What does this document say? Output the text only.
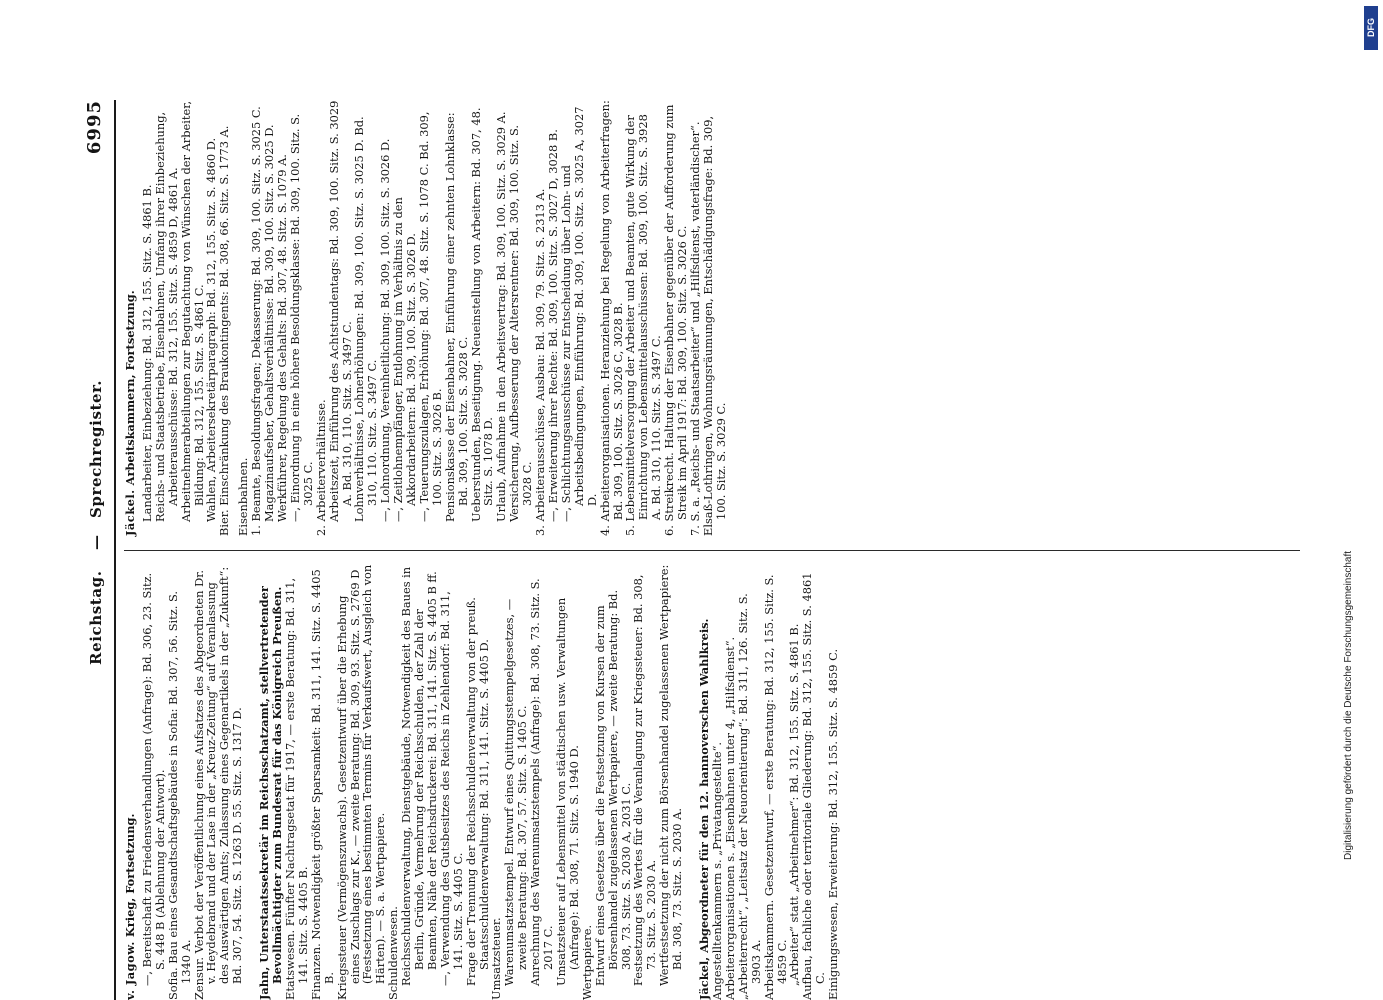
Reichstag.
—
Sprechregister.
6995

v. Jagow. Krieg, Fortsetzung. —, Bereitschaft zu Friedensverhandlungen (Anfrage): Bd. 306, 23. Sitz. S. 448 B (Ablehnung der Antwort).

Sofia. Bau eines Gesandtschaftsgebäudes in Sofia: Bd. 307, 56. Sitz. S. 1340 A.

Zensur. Verbot der Veröffentlichung eines Aufsatzes des Abgeordneten Dr. v. Heydebrand und der Lase in der „Kreuz-Zeitung“ auf Veranlassung des Auswärtigen Amts; Zulassung eines Gegenartikels in der „Zukunft“: Bd. 307, 54. Sitz. S. 1263 D. 55. Sitz. S. 1317 D. Jahn, Unterstaatssekretär im Reichsschatzamt, stellvertretender Bevollmächtigter zum Bundesrat für das Königreich Preußen.

Etatswesen. Fünfter Nachtragsetat für 1917, — erste Beratung: Bd. 311, 141. Sitz. S. 4405 B.

Finanzen. Notwendigkeit größter Sparsamkeit: Bd. 311, 141. Sitz. S. 4405 B.

Kriegssteuer (Vermögenszuwachs). Gesetzentwurf über die Erhebung eines Zuschlags zur K., — zweite Beratung: Bd. 309, 93. Sitz. S. 2769 D (Festsetzung eines bestimmten Termins für Verkaufswert, Ausgleich von Härten). — S. a. Wertpapiere.

Schuldenwesen.

Reichsschuldenverwaltung, Dienstgebäude, Notwendigkeit des Baues in Berlin, Gründe, Vermehrung der Reichsschulden, der Zahl der Beamten, Nähe der Reichsdruckerei: Bd. 311, 141. Sitz. S. 4405 B ff.

—, Verwendung des Gutsbesitzes des Reichs in Zehlendorf: Bd. 311, 141. Sitz. S. 4405 C.

Frage der Trennung der Reichsschuldenverwaltung von der preuß. Staatsschuldenverwaltung: Bd. 311, 141. Sitz. S. 4405 D.

Umsatzsteuer.

Warenumsatzstempel. Entwurf eines Quittungsstempelgesetzes, — zweite Beratung: Bd. 307, 57. Sitz. S. 1405 C.

Anrechnung des Warenumsatzstempels (Anfrage): Bd. 308, 73. Sitz. S. 2017 C.

Umsatzsteuer auf Lebensmittel von städtischen usw. Verwaltungen (Anfrage): Bd. 308, 71. Sitz. S. 1940 D.

Wertpapiere.

Entwurf eines Gesetzes über die Festsetzung von Kursen der zum Börsenhandel zugelassenen Wertpapiere, — zweite Beratung: Bd. 308, 73. Sitz. S. 2030 A, 2031 C.

Festsetzung des Wertes für die Veranlagung zur Kriegssteuer: Bd. 308, 73. Sitz. S. 2030 A.

Wertfestsetzung der nicht zum Börsenhandel zugelassenen Wertpapiere: Bd. 308, 73. Sitz. S. 2030 A. Jäckel, Abgeordneter für den 12. hannoverschen Wahlkreis.

Angestelltenkammern s. „Privatangestellte“.

Arbeiterorganisationen s. „Eisenbahnen unter 4, „Hilfsdienst“.

„Arbeiterrecht“, „Leitsatz der Neuorientierung“: Bd. 311, 126. Sitz. S. 3903 A.

Arbeitskammern. Gesetzentwurf, — erste Beratung: Bd. 312, 155. Sitz. S. 4859 C.

„Arbeiter“ statt „Arbeitnehmer“: Bd. 312, 155. Sitz. S. 4861 B.

Aufbau, fachliche oder territoriale Gliederung: Bd. 312, 155. Sitz. S. 4861 C.

Einigungswesen, Erweiterung: Bd. 312, 155. Sitz. S. 4859 C.

Jäckel. Arbeitskammern, Fortsetzung. Landarbeiter, Einbeziehung: Bd. 312, 155. Sitz. S. 4861 B.

Reichs- und Staatsbetriebe, Eisenbahnen, Umfang ihrer Einbeziehung, Arbeiterausschüsse: Bd. 312, 155. Sitz. S. 4859 D, 4861 A.

Arbeitnehmerabteilungen zur Begutachtung von Wünschen der Arbeiter, Bildung: Bd. 312, 155. Sitz. S. 4861 C.

Wahlen, Arbeitersekretärparagraph: Bd. 312, 155. Sitz. S. 4860 D.

Bier. Einschränkung des Braukontingents: Bd. 308, 66. Sitz. S. 1773 A. Eisenbahnen.

1. Beamte, Besoldungsfragen; Dekasserung: Bd. 309, 100. Sitz. S. 3025 C.

Magazinaufseher, Gehaltsverhältnisse: Bd. 309, 100. Sitz. S. 3025 D.

Werkführer, Regelung des Gehalts: Bd. 307, 48. Sitz. S. 1079 A.

—, Einordnung in eine höhere Besoldungsklasse: Bd. 309, 100. Sitz. S. 3025 C.

2. Arbeiterverhältnisse.

Arbeitszeit, Einführung des Achtstundentags: Bd. 309, 100. Sitz. S. 3029 A. Bd. 310, 110. Sitz. S. 3497 C.

Lohnverhältnisse, Lohnerhöhungen: Bd. 309, 100. Sitz. S. 3025 D. Bd. 310, 110. Sitz. S. 3497 C.

—, Lohnordnung, Vereinheitlichung: Bd. 309, 100. Sitz. S. 3026 D.

—, Zeitlohnempfänger, Entlohnung im Verhältnis zu den Akkordarbeitern: Bd. 309, 100. Sitz. S. 3026 D.

—, Teuerungszulagen, Erhöhung: Bd. 307, 48. Sitz. S. 1078 C. Bd. 309, 100. Sitz. S. 3026 B.

Pensionskasse der Eisenbahner, Einführung einer zehnten Lohnklasse: Bd. 309, 100. Sitz. S. 3028 C.

Ueberstunden, Beseitigung. Neueinstellung von Arbeitern: Bd. 307, 48. Sitz. S. 1078 D.

Urlaub, Aufnahme in den Arbeitsvertrag: Bd. 309, 100. Sitz. S. 3029 A.

Versicherung, Aufbesserung der Altersrentner: Bd. 309, 100. Sitz. S. 3028 C.

3. Arbeiterausschüsse, Ausbau: Bd. 309, 79. Sitz. S. 2313 A.

—, Erweiterung ihrer Rechte: Bd. 309, 100. Sitz. S. 3027 D, 3028 B.

—, Schlichtungsausschüsse zur Entscheidung über Lohn- und Arbeitsbedingungen, Einführung: Bd. 309, 100. Sitz. S. 3025 A, 3027 D.

4. Arbeiterorganisationen. Heranziehung bei Regelung von Arbeiterfragen: Bd. 309, 100. Sitz. S. 3026 C, 3028 B.

5. Lebensmittelversorgung der Arbeiter und Beamten, gute Wirkung der Einrichtung von Lebensmittelausschüssen: Bd. 309, 100. Sitz. S. 3928 A. Bd. 310, 110. Sitz. S. 3497 C.

6. Streikrecht. Haltung der Eisenbahner gegenüber der Aufforderung zum Streik im April 1917: Bd. 309, 100. Sitz. S. 3026 C.

7. S. a. „Reichs- und Staatsarbeiter“ und „Hilfsdienst, vaterländischer“.

Elsaß-Lothringen, Wohnungsräumungen, Entschädigungsfrage: Bd. 309, 100. Sitz. S. 3029 C.

Digitalisierung gefördert durch die Deutsche Forschungsgemeinschaft
DFG
